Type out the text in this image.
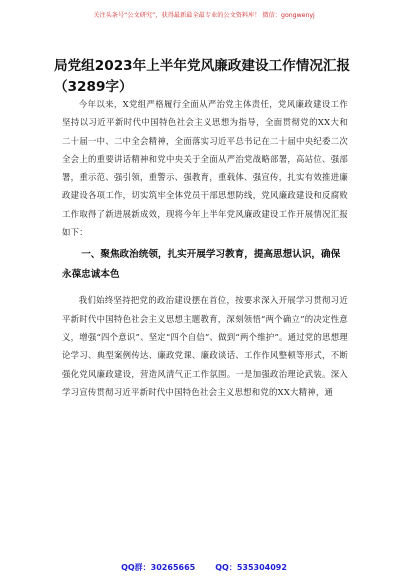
关注头条号“公文研究”，获得最新最全最专业的公文资料库！ 微信：gongwenyj
局党组2023年上半年党风廉政建设工作情况汇报（3289字）

今年以来，X党组严格履行全面从严治党主体责任，党风廉政建设工作坚持以习近平新时代中国特色社会主义思想为指导，全面贯彻党的XX大和二十届一中、二中全会精神，全面落实习近平总书记在二十届中央纪委二次全会上的重要讲话精神和党中央关于全面从严治党战略部署，高站位、强部署，重示范、强引领，重警示、强教育，重载体、强宣传，扎实有效推进廉政建设各项工作，切实筑牢全体党员干部思想防线，党风廉政建设和反腐败工作取得了新进展新成效，现将今年上半年党风廉政建设工作开展情况汇报如下：

一、聚焦政治统领，扎实开展学习教育，提高思想认识，确保永葆忠诚本色

我们始终坚持把党的政治建设摆在首位，按要求深入开展学习贯彻习近平新时代中国特色社会主义思想主题教育，深刻领悟“两个确立”的决定性意义，增强“四个意识”、坚定“四个自信”、做到“两个维护”。通过党的思想理论学习、典型案例传达、廉政党课、廉政谈话、工作作风整顿等形式，不断强化党风廉政建设，营造风清气正工作氛围。一是加强政治理论武装。深入学习宣传贯彻习近平新时代中国特色社会主义思想和党的XX大精神，通

QQ群：30265665	QQ：535304092
